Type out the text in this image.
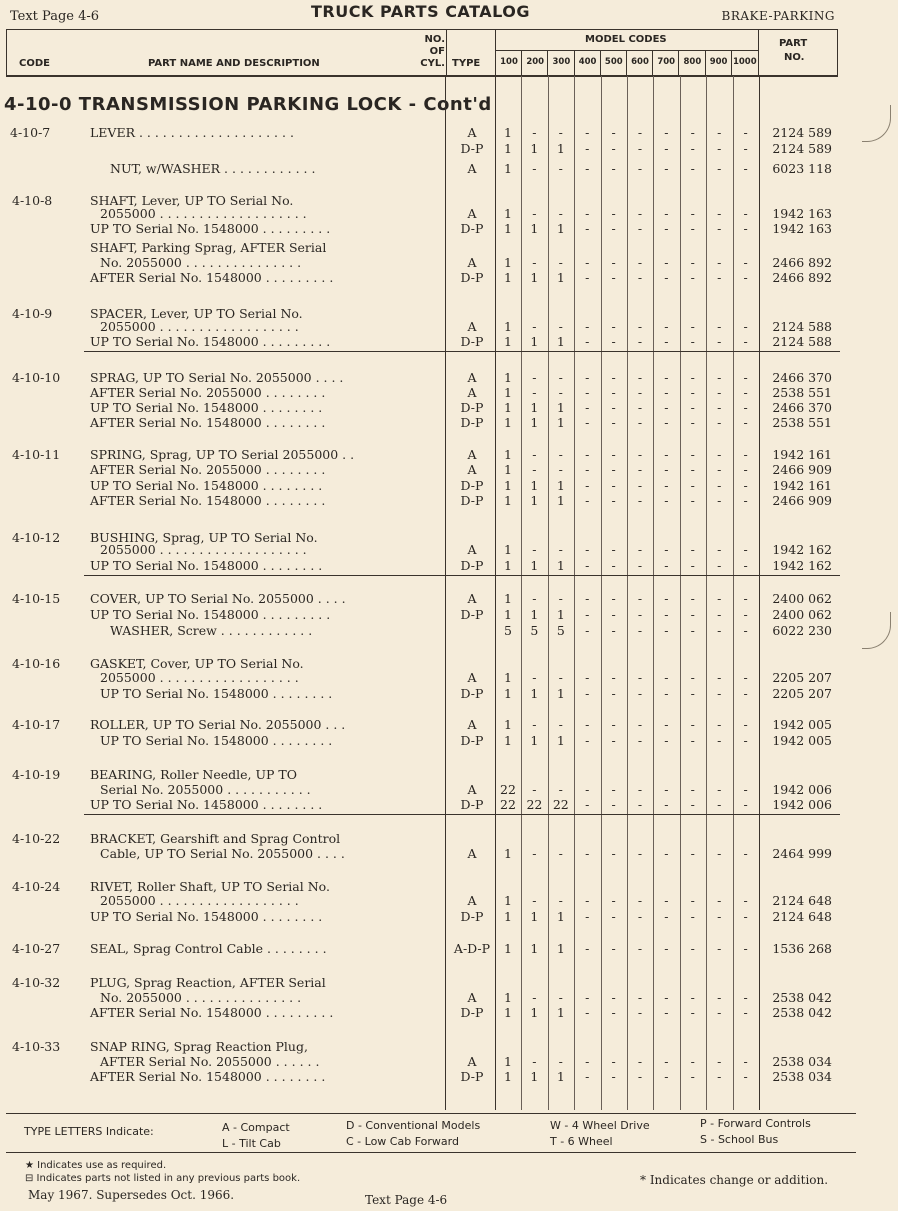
Text Page 4-6	TRUCK PARTS CATALOG	BRAKE-PARKING
CODE	PART NAME AND DESCRIPTION
NO.
OF
CYL. TYPE
MODEL CODES
100 200 300 400 500 600 700 800 900 1000
PART
NO.
4-10-0 TRANSMISSION PARKING LOCK - Cont'd
4-10-7	LEVER . . . . . . . . . . . . . . . . . . . .	A	1	-	-	-	-	-	-	-	-	-	2124 589
D-P	1	1	1	-	-	-	-	-	-	-	2124 589
NUT, w/WASHER . . . . . . . . . . . .	A	1	-	-	-	-	-	-	-	-	-	6023 118
4-10-8	SHAFT, Lever, UP TO Serial No.
2055000 . . . . . . . . . . . . . . . . . . .	A	1	-	-	-	-	-	-	-	-	-	1942 163
UP TO Serial No. 1548000 . . . . . . . . .	D-P	1	1	1	-	-	-	-	-	-	-	1942 163
SHAFT, Parking Sprag, AFTER Serial
No. 2055000 . . . . . . . . . . . . . . .	A	1	-	-	-	-	-	-	-	-	-	2466 892
AFTER Serial No. 1548000 . . . . . . . . .	D-P	1	1	1	-	-	-	-	-	-	-	2466 892
4-10-9	SPACER, Lever, UP TO Serial No.
2055000 . . . . . . . . . . . . . . . . . .	A	1	-	-	-	-	-	-	-	-	-	2124 588
UP TO Serial No. 1548000 . . . . . . . . .	D-P	1	1	1	-	-	-	-	-	-	-	2124 588
4-10-10 SPRAG, UP TO Serial No. 2055000 . . . .	A	1	-	-	-	-	-	-	-	-	-	2466 370
AFTER Serial No. 2055000 . . . . . . . .	A	1	-	-	-	-	-	-	-	-	-	2538 551
UP TO Serial No. 1548000 . . . . . . . .	D-P	1	1	1	-	-	-	-	-	-	-	2466 370
AFTER Serial No. 1548000 . . . . . . . .	D-P	1	1	1	-	-	-	-	-	-	-	2538 551
4-10-11 SPRING, Sprag, UP TO Serial 2055000 . .	A	1	-	-	-	-	-	-	-	-	-	1942 161
AFTER Serial No. 2055000 . . . . . . . .	A	1	-	-	-	-	-	-	-	-	-	2466 909
UP TO Serial No. 1548000 . . . . . . . .	D-P	1	1	1	-	-	-	-	-	-	-	1942 161
AFTER Serial No. 1548000 . . . . . . . .	D-P	1	1	1	-	-	-	-	-	-	-	2466 909
4-10-12 BUSHING, Sprag, UP TO Serial No.
2055000 . . . . . . . . . . . . . . . . . . .	A	1	-	-	-	-	-	-	-	-	-	1942 162
UP TO Serial No. 1548000 . . . . . . . .	D-P	1	1	1	-	-	-	-	-	-	-	1942 162
4-10-15 COVER, UP TO Serial No. 2055000 . . . .	A	1	-	-	-	-	-	-	-	-	-	2400 062
UP TO Serial No. 1548000 . . . . . . . . .	D-P	1	1	1	-	-	-	-	-	-	-	2400 062
WASHER, Screw . . . . . . . . . . . .	5	5	5	-	-	-	-	-	-	-	6022 230
4-10-16 GASKET, Cover, UP TO Serial No.
2055000 . . . . . . . . . . . . . . . . . .	A	1	-	-	-	-	-	-	-	-	-	2205 207
UP TO Serial No. 1548000 . . . . . . . .	D-P	1	1	1	-	-	-	-	-	-	-	2205 207
4-10-17 ROLLER, UP TO Serial No. 2055000 . . .	A	1	-	-	-	-	-	-	-	-	-	1942 005
UP TO Serial No. 1548000 . . . . . . . .	D-P	1	1	1	-	-	-	-	-	-	-	1942 005
4-10-19 BEARING, Roller Needle, UP TO
Serial No. 2055000 . . . . . . . . . . .	A	22	-	-	-	-	-	-	-	-	-	1942 006
UP TO Serial No. 1458000 . . . . . . . .	D-P	22 22 22	-	-	-	-	-	-	-	1942 006
4-10-22 BRACKET, Gearshift and Sprag Control
Cable, UP TO Serial No. 2055000 . . . .	A	1	-	-	-	-	-	-	-	-	-	2464 999
4-10-24 RIVET, Roller Shaft, UP TO Serial No.
2055000 . . . . . . . . . . . . . . . . . .	A	1	-	-	-	-	-	-	-	-	-	2124 648
UP TO Serial No. 1548000 . . . . . . . .	D-P	1	1	1	-	-	-	-	-	-	-	2124 648
4-10-27 SEAL, Sprag Control Cable . . . . . . . .	A-D-P	1	1	1	-	-	-	-	-	-	-	1536 268
4-10-32 PLUG, Sprag Reaction, AFTER Serial
No. 2055000 . . . . . . . . . . . . . . .	A	1	-	-	-	-	-	-	-	-	-	2538 042
AFTER Serial No. 1548000 . . . . . . . . .	D-P	1	1	1	-	-	-	-	-	-	-	2538 042
4-10-33 SNAP RING, Sprag Reaction Plug,
AFTER Serial No. 2055000 . . . . . .	A	1	-	-	-	-	-	-	-	-	-	2538 034
AFTER Serial No. 1548000 . . . . . . . .	D-P	1	1	1	-	-	-	-	-	-	-	2538 034
TYPE LETTERS Indicate:	A - Compact
L - Tilt Cab
D - Conventional Models
C - Low Cab Forward
W - 4 Wheel Drive
T - 6 Wheel
P - Forward Controls
S - School Bus
★ Indicates use as required.
⊟ Indicates parts not listed in any previous parts book.
May 1967. Supersedes Oct. 1966.	Text Page 4-6
* Indicates change or addition.
